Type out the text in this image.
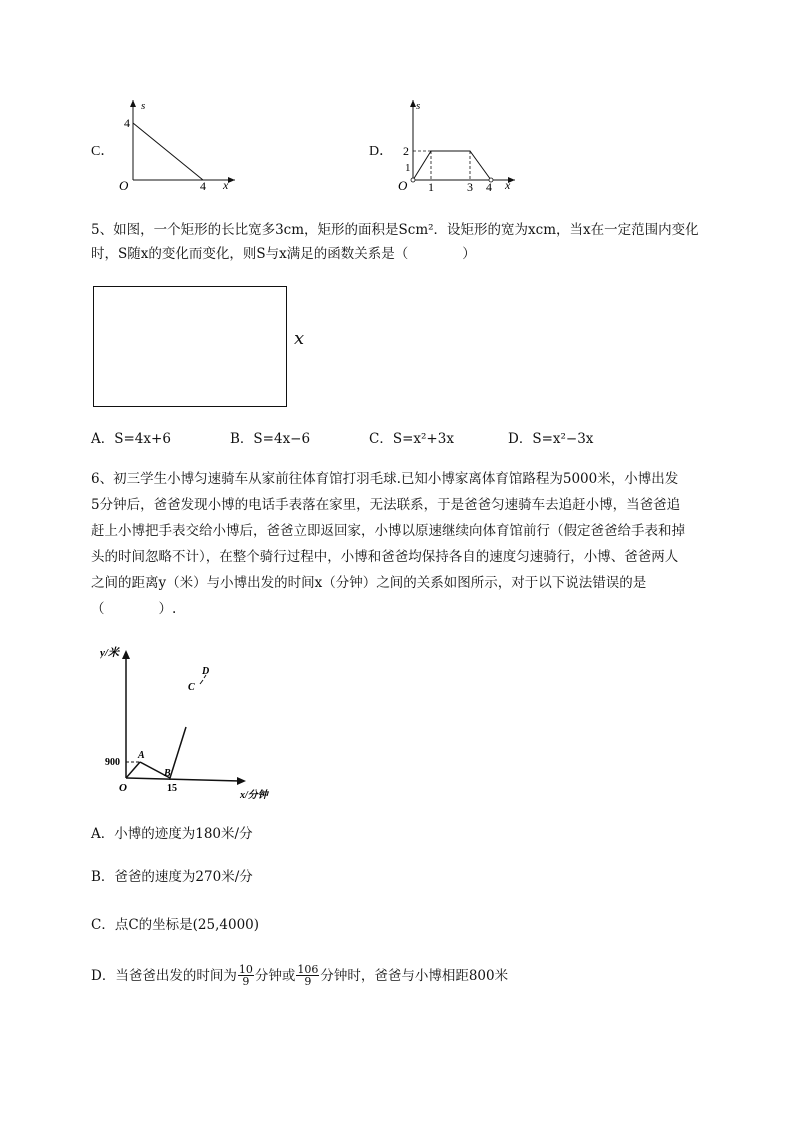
C．
s
4
O	4 x
D．
s
2
1
O 1	3 4 x
5、如图，一个矩形的长比宽多3cm，矩形的面积是Scm²．设矩形的宽为xcm，当x在一定范围内变化
时，S随x的变化而变化，则S与x满足的函数关系是（　　　　）
x
A．S=4x+6	B．S=4x−6	C．S=x²+3x	D．S=x²−3x
6、初三学生小博匀速骑车从家前往体育馆打羽毛球.已知小博家离体育馆路程为5000米，小博出发
5分钟后，爸爸发现小博的电话手表落在家里，无法联系，于是爸爸匀速骑车去追赶小博，当爸爸追
赶上小博把手表交给小博后，爸爸立即返回家，小博以原速继续向体育馆前行（假定爸爸给手表和掉
头的时间忽略不计），在整个骑行过程中，小博和爸爸均保持各自的速度匀速骑行，小博、爸爸两人
之间的距离y（米）与小博出发的时间x（分钟）之间的关系如图所示，对于以下说法错误的是
（　　　　）.
y/米
900
O
A
B
C
D
15
x/分钟
A．小博的迹度为180米/分
B．爸爸的速度为270米/分
C．点C的坐标是(25,4000)
D．当爸爸出发的时间为 $\frac{10}{9}$ 分钟或 $\frac{106}{9}$ 分钟时，爸爸与小博相距800米
